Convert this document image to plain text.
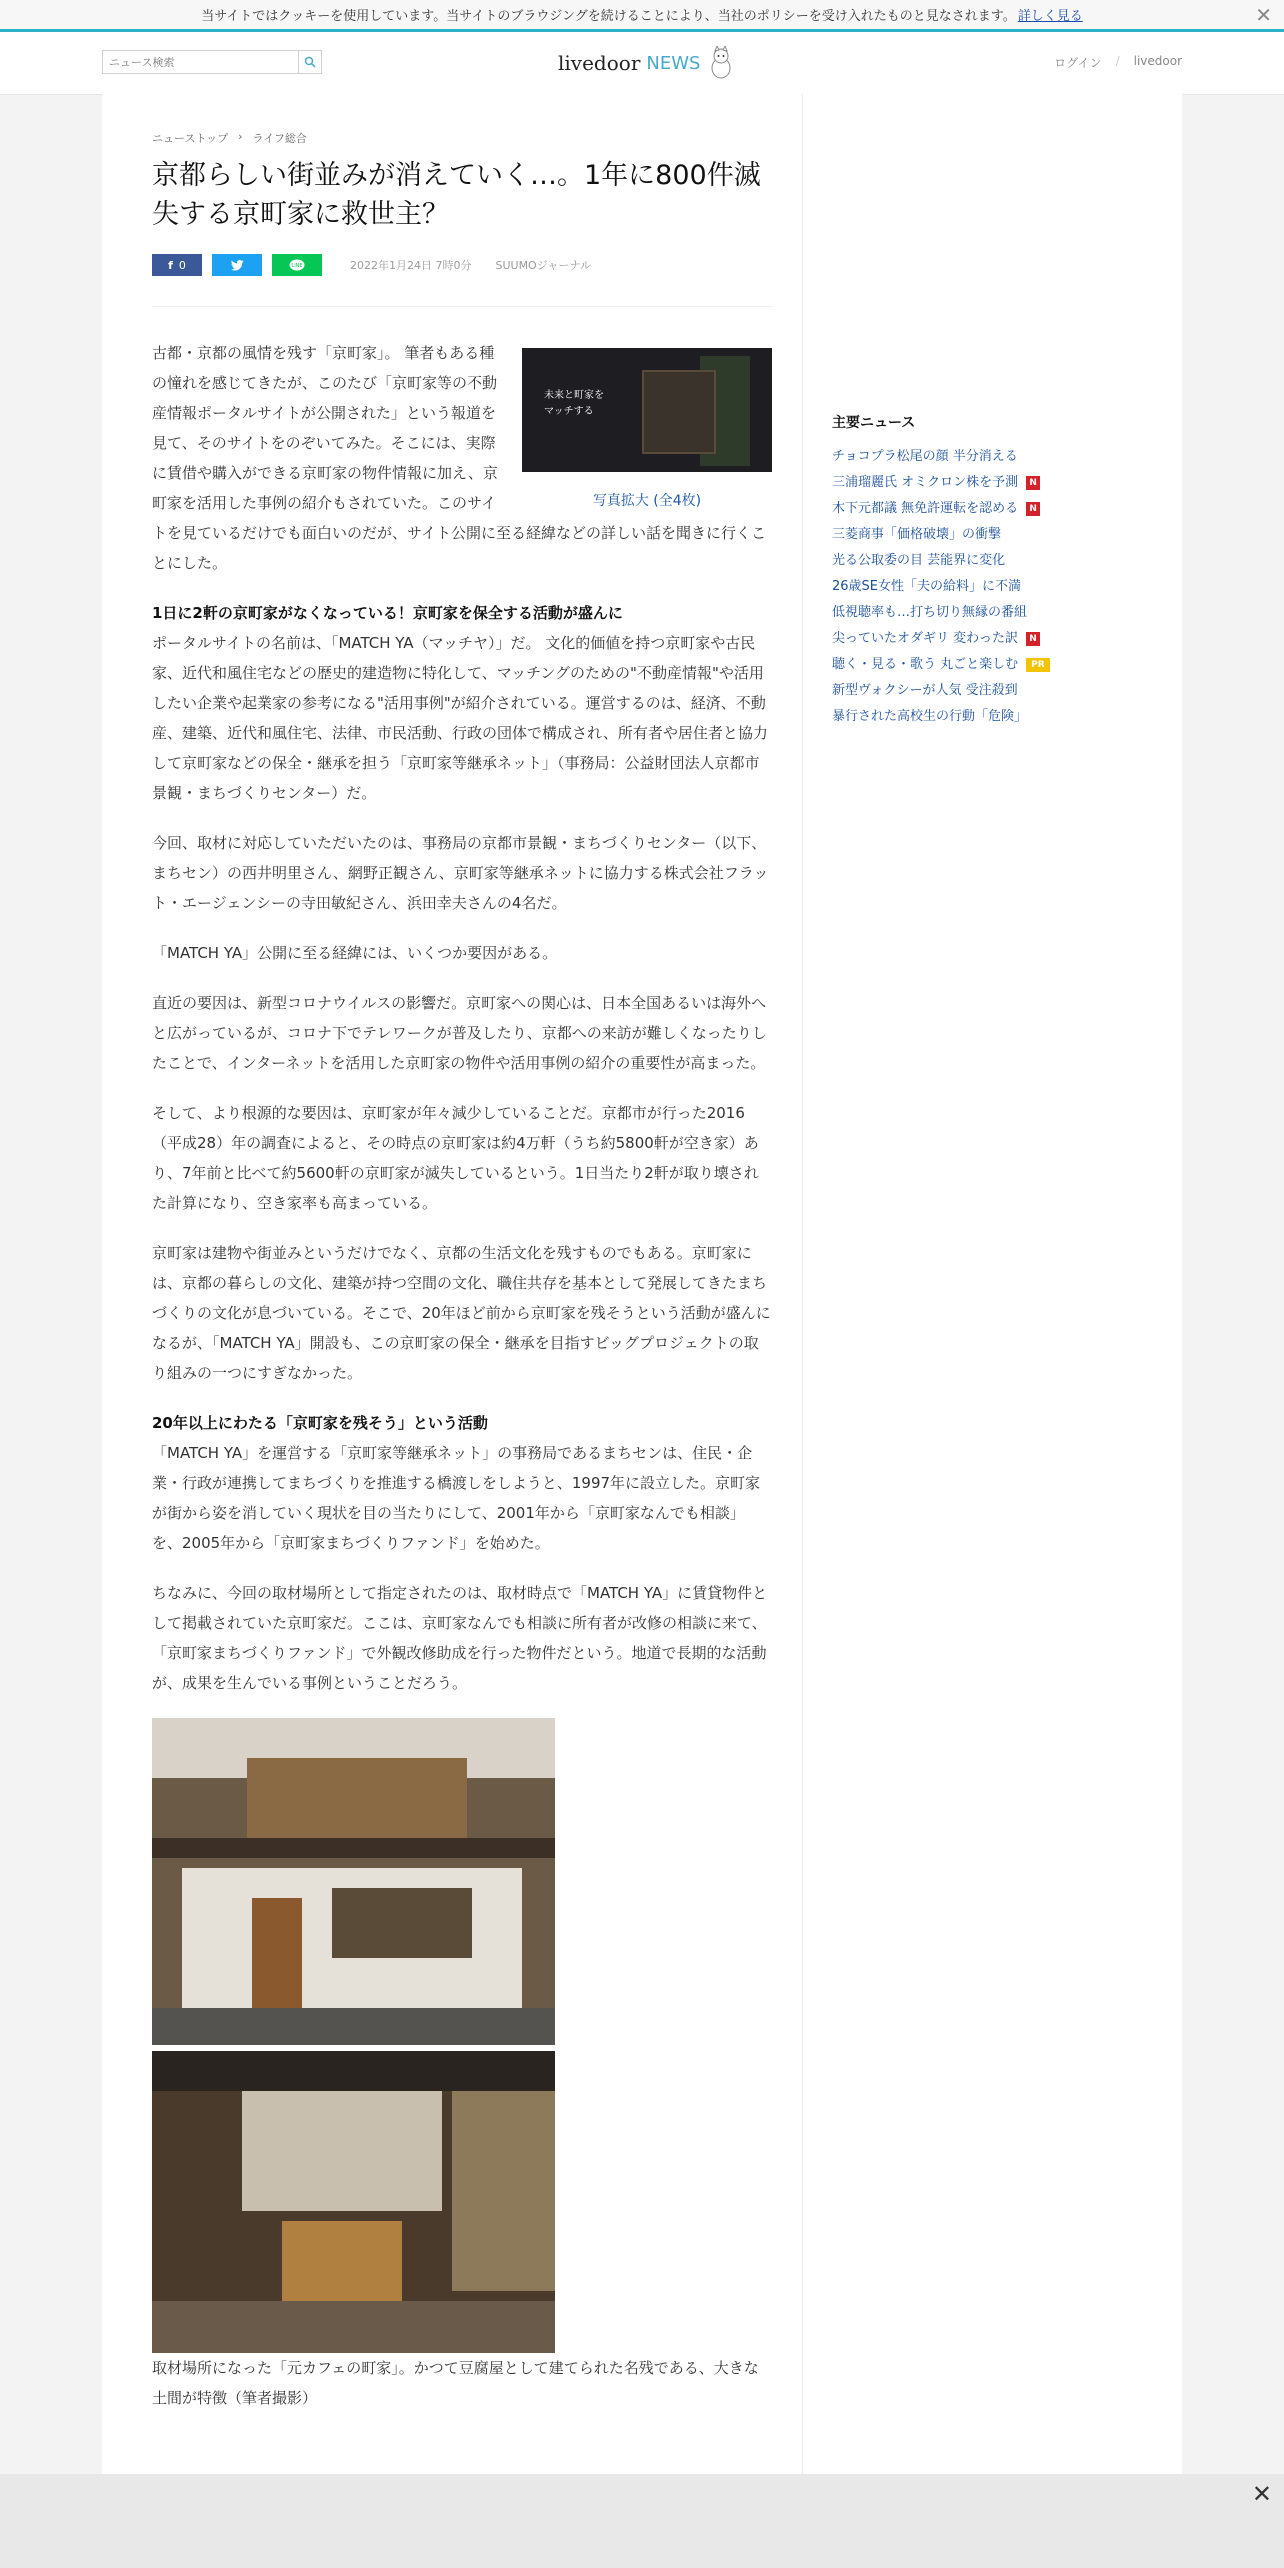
当サイトではクッキーを使用しています。当サイトのブラウジングを続けることにより、当社のポリシーを受け入れたものと見なされます。 詳しく見る	✕
ニュース検索
livedoor NEWS	ログイン / livedoor
ニューストップ › ライフ総合
京都らしい街並みが消えていく…。1年に800件滅失する京町家に救世主？
f 0	LINE	2022年1月24日 7時0分 SUUMOジャーナル
未来と町家を
マッチする
写真拡大 (全4枚)

古都・京都の風情を残す「京町家」。 筆者もある種の憧れを感じてきたが、このたび「京町家等の不動産情報ポータルサイトが公開された」という報道を見て、そのサイトをのぞいてみた。そこには、実際に賃借や購入ができる京町家の物件情報に加え、京町家を活用した事例の紹介もされていた。このサイトを見ているだけでも面白いのだが、サイト公開に至る経緯などの詳しい話を聞きに行くことにした。

1日に2軒の京町家がなくなっている！京町家を保全する活動が盛んに

ポータルサイトの名前は、「MATCH YA（マッチヤ）」だ。 文化的価値を持つ京町家や古民家、近代和風住宅などの歴史的建造物に特化して、マッチングのための"不動産情報"や活用したい企業や起業家の参考になる"活用事例"が紹介されている。運営するのは、経済、不動産、建築、近代和風住宅、法律、市民活動、行政の団体で構成され、所有者や居住者と協力して京町家などの保全・継承を担う「京町家等継承ネット」（事務局：公益財団法人京都市景観・まちづくりセンター）だ。

今回、取材に対応していただいたのは、事務局の京都市景観・まちづくりセンター（以下、まちセン）の西井明里さん、網野正観さん、京町家等継承ネットに協力する株式会社フラット・エージェンシーの寺田敏紀さん、浜田幸夫さんの4名だ。

「MATCH YA」公開に至る経緯には、いくつか要因がある。

直近の要因は、新型コロナウイルスの影響だ。京町家への関心は、日本全国あるいは海外へと広がっているが、コロナ下でテレワークが普及したり、京都への来訪が難しくなったりしたことで、インターネットを活用した京町家の物件や活用事例の紹介の重要性が高まった。

そして、より根源的な要因は、京町家が年々減少していることだ。京都市が行った2016（平成28）年の調査によると、その時点の京町家は約4万軒（うち約5800軒が空き家）あり、7年前と比べて約5600軒の京町家が滅失しているという。1日当たり2軒が取り壊された計算になり、空き家率も高まっている。

京町家は建物や街並みというだけでなく、京都の生活文化を残すものでもある。京町家には、京都の暮らしの文化、建築が持つ空間の文化、職住共存を基本として発展してきたまちづくりの文化が息づいている。そこで、20年ほど前から京町家を残そうという活動が盛んになるが、「MATCH YA」開設も、この京町家の保全・継承を目指すビッグプロジェクトの取り組みの一つにすぎなかった。

20年以上にわたる「京町家を残そう」という活動

「MATCH YA」を運営する「京町家等継承ネット」の事務局であるまちセンは、住民・企業・行政が連携してまちづくりを推進する橋渡しをしようと、1997年に設立した。京町家が街から姿を消していく現状を目の当たりにして、2001年から「京町家なんでも相談」を、2005年から「京町家まちづくりファンド」を始めた。

ちなみに、今回の取材場所として指定されたのは、取材時点で「MATCH YA」に賃貸物件として掲載されていた京町家だ。ここは、京町家なんでも相談に所有者が改修の相談に来て、「京町家まちづくりファンド」で外観改修助成を行った物件だという。地道で長期的な活動が、成果を生んでいる事例ということだろう。

取材場所になった「元カフェの町家」。かつて豆腐屋として建てられた名残である、大きな土間が特徴（筆者撮影）

主要ニュース
チョコプラ松尾の顔 半分消える
三浦瑠麗氏 オミクロン株を予測	N
木下元都議 無免許運転を認める	N
三菱商事「価格破壊」の衝撃
光る公取委の目 芸能界に変化
26歳SE女性「夫の給料」に不満
低視聴率も…打ち切り無縁の番組
尖っていたオダギリ 変わった訳	N
聴く・見る・歌う 丸ごと楽しむ	PR
新型ヴォクシーが人気 受注殺到
暴行された高校生の行動「危険」
✕
